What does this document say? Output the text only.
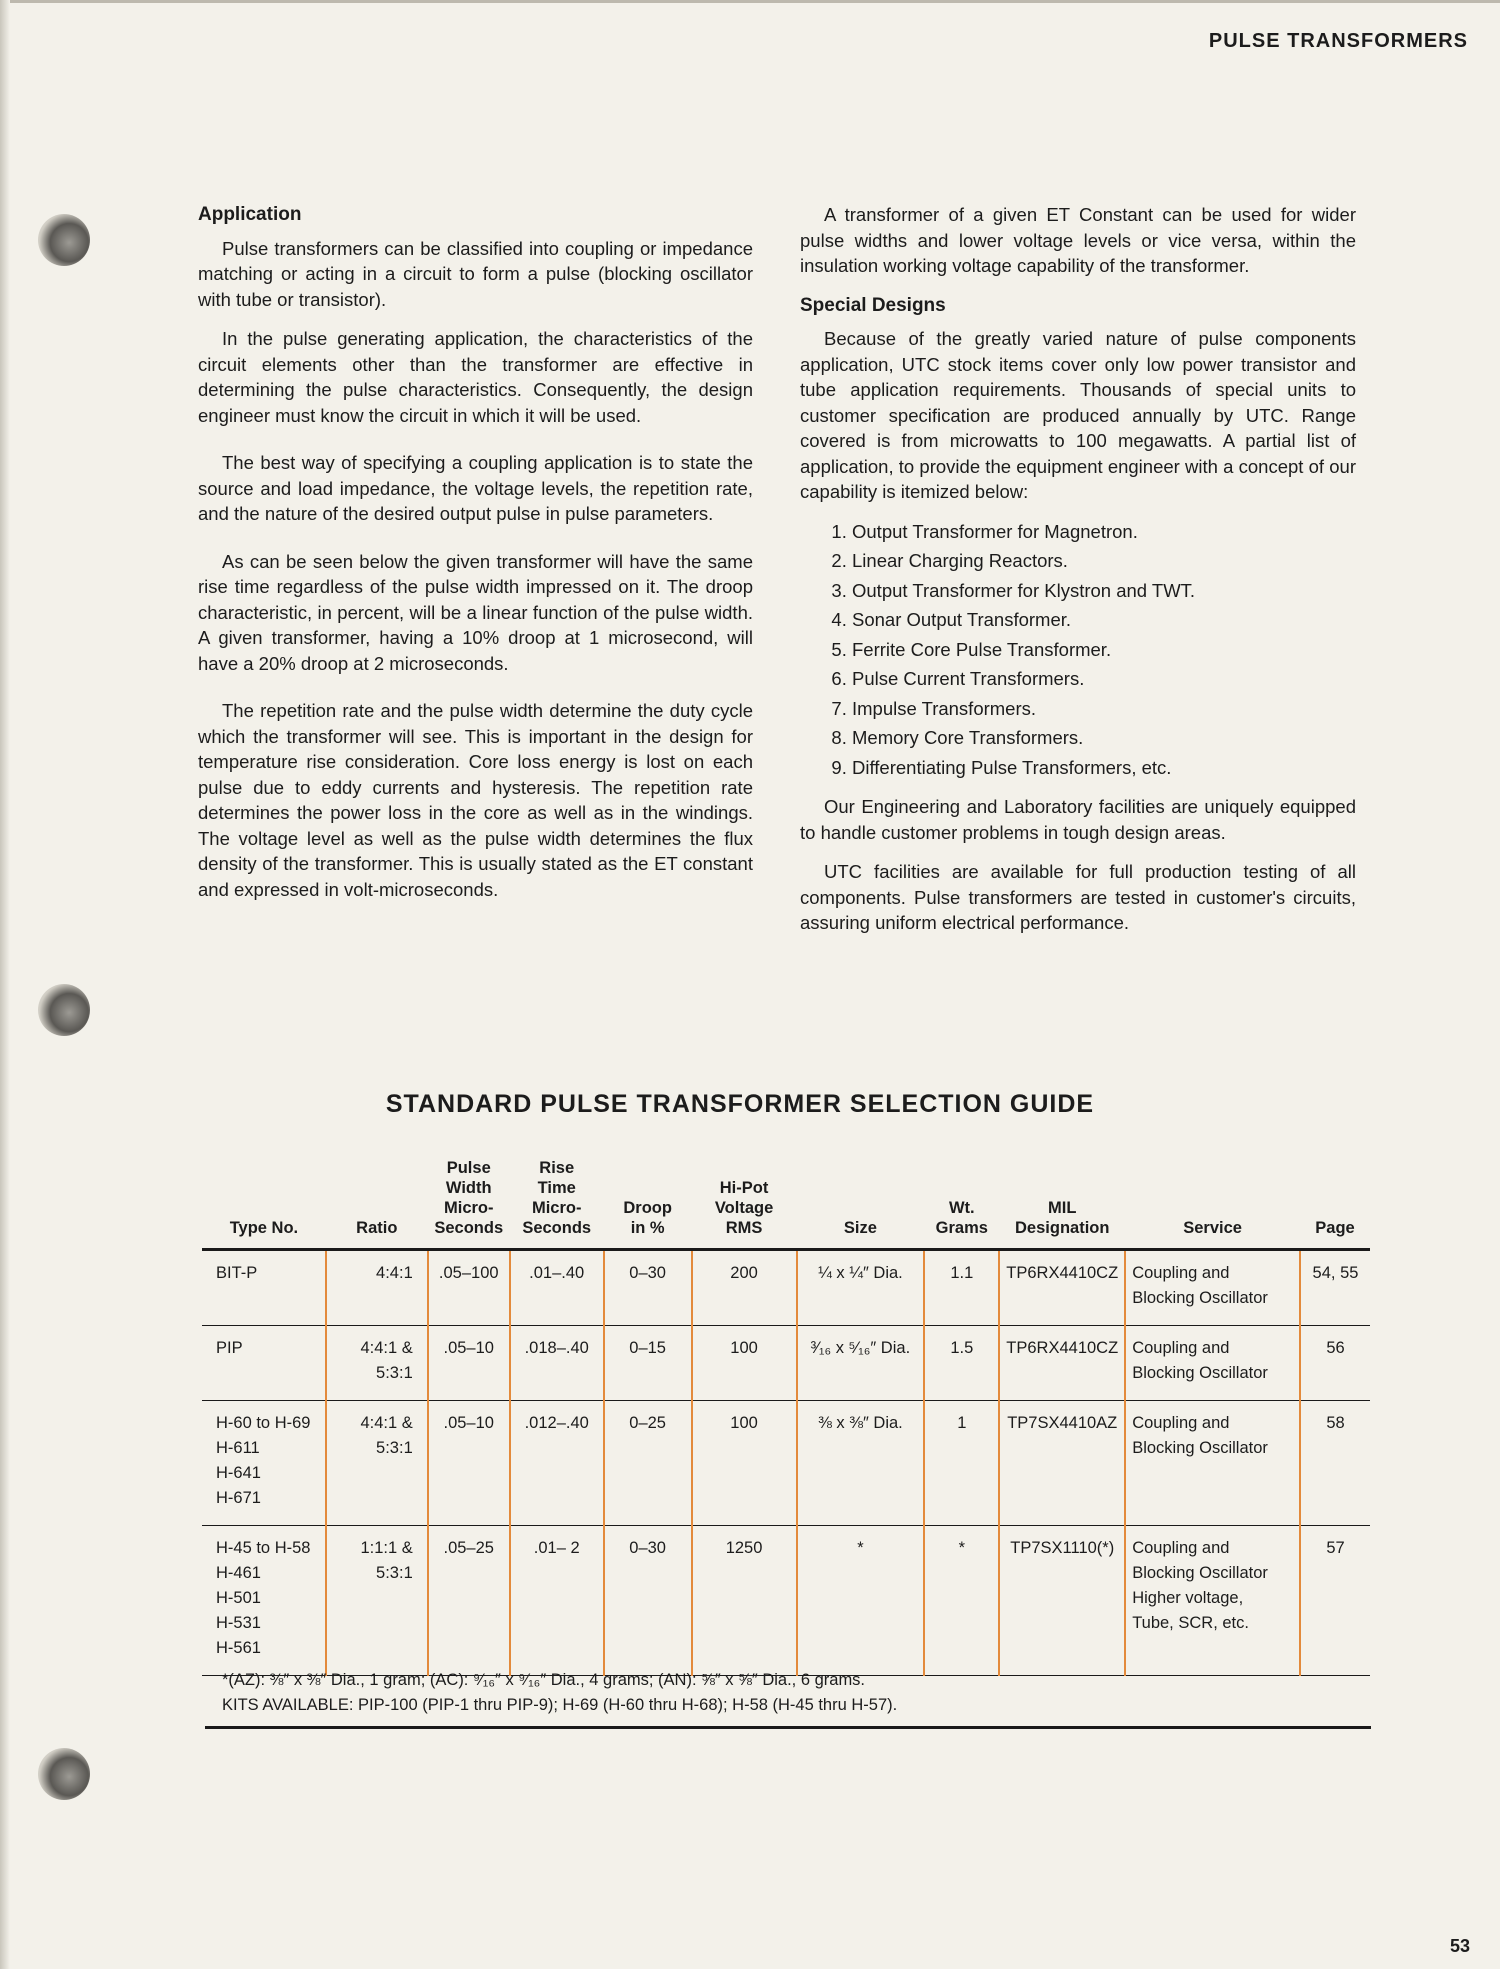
PULSE TRANSFORMERS
Application

Pulse transformers can be classified into coupling or impedance matching or acting in a circuit to form a pulse (blocking oscillator with tube or transistor).

In the pulse generating application, the characteristics of the circuit elements other than the transformer are effective in determining the pulse characteristics. Consequently, the design engineer must know the circuit in which it will be used.

The best way of specifying a coupling application is to state the source and load impedance, the voltage levels, the repetition rate, and the nature of the desired output pulse in pulse parameters.

As can be seen below the given transformer will have the same rise time regardless of the pulse width impressed on it. The droop characteristic, in percent, will be a linear function of the pulse width. A given transformer, having a 10% droop at 1 microsecond, will have a 20% droop at 2 microseconds.

The repetition rate and the pulse width determine the duty cycle which the transformer will see. This is important in the design for temperature rise consideration. Core loss energy is lost on each pulse due to eddy currents and hysteresis. The repetition rate determines the power loss in the core as well as in the windings. The voltage level as well as the pulse width determines the flux density of the transformer. This is usually stated as the ET constant and expressed in volt-microseconds.

A transformer of a given ET Constant can be used for wider pulse widths and lower voltage levels or vice versa, within the insulation working voltage capability of the transformer.

Special Designs

Because of the greatly varied nature of pulse components application, UTC stock items cover only low power transistor and tube application requirements. Thousands of special units to customer specification are produced annually by UTC. Range covered is from microwatts to 100 megawatts. A partial list of application, to provide the equipment engineer with a concept of our capability is itemized below:

1. Output Transformer for Magnetron.
2. Linear Charging Reactors.
3. Output Transformer for Klystron and TWT.
4. Sonar Output Transformer.
5. Ferrite Core Pulse Transformer.
6. Pulse Current Transformers.
7. Impulse Transformers.
8. Memory Core Transformers.
9. Differentiating Pulse Transformers, etc.

Our Engineering and Laboratory facilities are uniquely equipped to handle customer problems in tough design areas.

UTC facilities are available for full production testing of all components. Pulse transformers are tested in customer's circuits, assuring uniform electrical performance.

STANDARD PULSE TRANSFORMER SELECTION GUIDE
Type No.	Ratio	Pulse
Width
Micro-
Seconds	Rise
Time
Micro-
Seconds	Droop
in %	Hi-Pot
Voltage
RMS	Size	Wt.
Grams	MIL
Designation	Service	Page
BIT-P	4:4:1	.05–100	.01–.40	0–30	200	¼ x ¼″ Dia.	1.1	TP6RX4410CZ	Coupling and
Blocking Oscillator	54, 55
PIP	4:4:1 &
5:3:1	.05–10	.018–.40	0–15	100	³⁄₁₆ x ⁵⁄₁₆″ Dia.	1.5	TP6RX4410CZ	Coupling and
Blocking Oscillator	56
H-60 to H-69
H-611
H-641
H-671	4:4:1 &
5:3:1	.05–10	.012–.40	0–25	100	⅜ x ⅜″ Dia.	1	TP7SX4410AZ	Coupling and
Blocking Oscillator	58
H-45 to H-58
H-461
H-501
H-531
H-561	1:1:1 &
5:3:1	.05–25	.01– 2	0–30	1250	*	*	TP7SX1110(*)	Coupling and
Blocking Oscillator
Higher voltage,
Tube, SCR, etc.	57
*(AZ): ⅜″ x ⅜″ Dia., 1 gram; (AC): ⁹⁄₁₆″ x ⁹⁄₁₆″ Dia., 4 grams; (AN): ⅝″ x ⅝″ Dia., 6 grams.
KITS AVAILABLE: PIP-100 (PIP-1 thru PIP-9); H-69 (H-60 thru H-68); H-58 (H-45 thru H-57).
53
